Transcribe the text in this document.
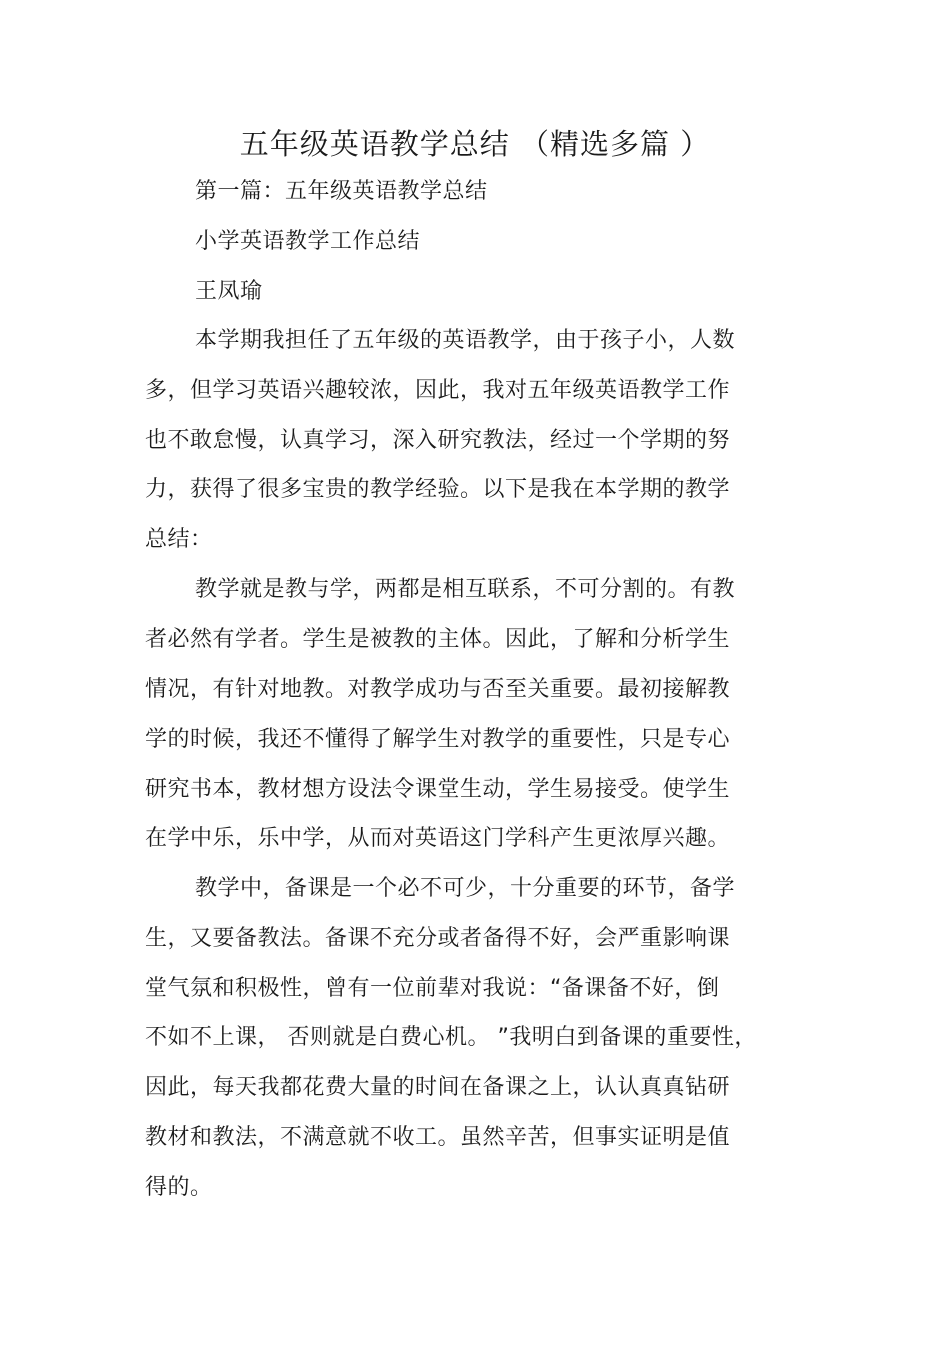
五年级英语教学总结 （精选多篇 ）
第一篇：五年级英语教学总结
小学英语教学工作总结
王凤瑜
本学期我担任了五年级的英语教学，由于孩子小，人数
多，但学习英语兴趣较浓，因此，我对五年级英语教学工作
也不敢怠慢，认真学习，深入研究教法，经过一个学期的努
力，获得了很多宝贵的教学经验。以下是我在本学期的教学
总结：
教学就是教与学，两都是相互联系，不可分割的。有教
者必然有学者。学生是被教的主体。因此，了解和分析学生
情况，有针对地教。对教学成功与否至关重要。最初接解教
学的时候，我还不懂得了解学生对教学的重要性，只是专心
研究书本，教材想方设法令课堂生动，学生易接受。使学生
在学中乐，乐中学，从而对英语这门学科产生更浓厚兴趣。
教学中，备课是一个必不可少，十分重要的环节，备学
生，又要备教法。备课不充分或者备得不好，会严重影响课
堂气氛和积极性，曾有一位前辈对我说：“备课备不好，倒
不如不上课， 否则就是白费心机。 ”我明白到备课的重要性，
因此，每天我都花费大量的时间在备课之上，认认真真钻研
教材和教法，不满意就不收工。虽然辛苦，但事实证明是值
得的。
